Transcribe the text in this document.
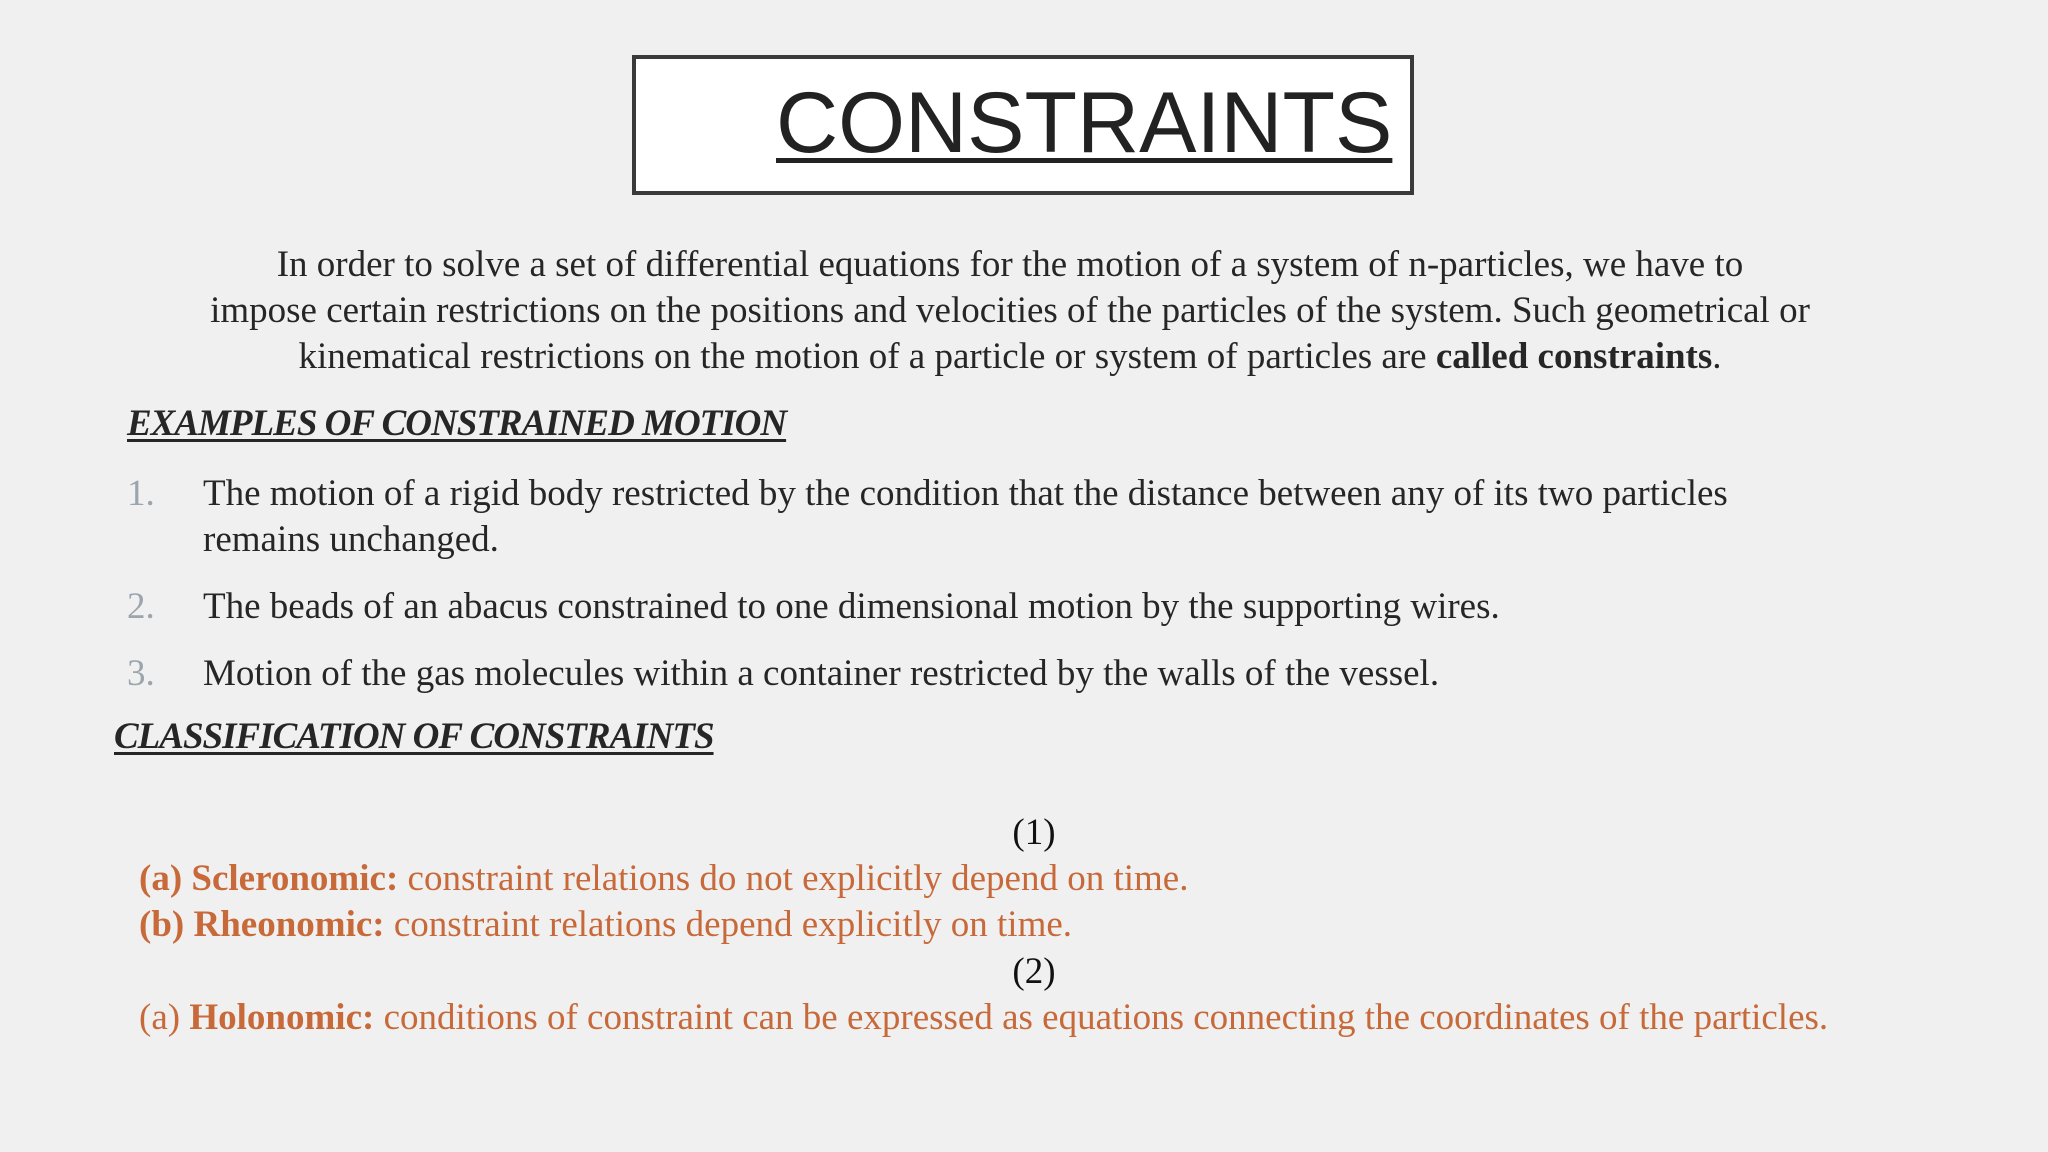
CONSTRAINTS
In order to solve a set of differential equations for the motion of a system of n-particles, we have to
impose certain restrictions on the positions and velocities of the particles of the system. Such geometrical or
kinematical restrictions on the motion of a particle or system of particles are called constraints.
EXAMPLES OF CONSTRAINED MOTION
1. The motion of a rigid body restricted by the condition that the distance between any of its two particles
remains unchanged.
2. The beads of an abacus constrained to one dimensional motion by the supporting wires.
3. Motion of the gas molecules within a container restricted by the walls of the vessel.
CLASSIFICATION OF CONSTRAINTS
(1)
(a) Scleronomic: constraint relations do not explicitly depend on time.
(b) Rheonomic: constraint relations depend explicitly on time.
(2)
(a) Holonomic: conditions of constraint can be expressed as equations connecting the coordinates of the particles.
